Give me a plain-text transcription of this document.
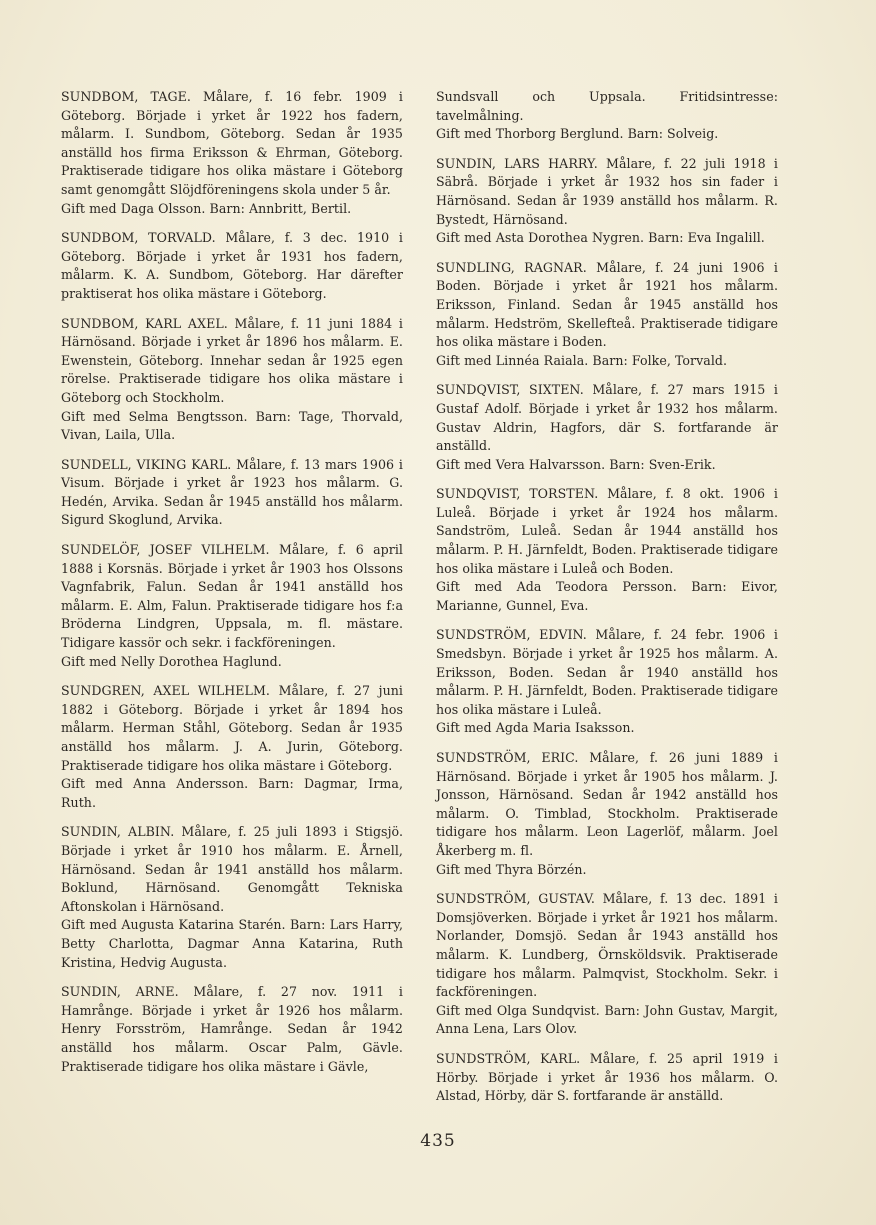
SUNDBOM, TAGE. Målare, f. 16 febr. 1909 i Göteborg. Började i yrket år 1922 hos fadern, målarm. I. Sundbom, Göteborg. Sedan år 1935 anställd hos firma Eriksson & Ehrman, Göteborg. Praktiserade tidigare hos olika mästare i Göteborg samt genomgått Slöjdföreningens skola under 5 år.

Gift med Daga Olsson. Barn: Annbritt, Bertil.

SUNDBOM, TORVALD. Målare, f. 3 dec. 1910 i Göteborg. Började i yrket år 1931 hos fadern, målarm. K. A. Sundbom, Göteborg. Har därefter praktiserat hos olika mästare i Göteborg.

SUNDBOM, KARL AXEL. Målare, f. 11 juni 1884 i Härnösand. Började i yrket år 1896 hos målarm. E. Ewenstein, Göteborg. Innehar sedan år 1925 egen rörelse. Praktiserade tidigare hos olika mästare i Göteborg och Stockholm.

Gift med Selma Bengtsson. Barn: Tage, Thorvald, Vivan, Laila, Ulla.

SUNDELL, VIKING KARL. Målare, f. 13 mars 1906 i Visum. Började i yrket år 1923 hos målarm. G. Hedén, Arvika. Sedan år 1945 anställd hos målarm. Sigurd Skoglund, Arvika.

SUNDELÖF, JOSEF VILHELM. Målare, f. 6 april 1888 i Korsnäs. Började i yrket år 1903 hos Olssons Vagnfabrik, Falun. Sedan år 1941 anställd hos målarm. E. Alm, Falun. Praktiserade tidigare hos f:a Bröderna Lindgren, Uppsala, m. fl. mästare. Tidigare kassör och sekr. i fackföreningen.

Gift med Nelly Dorothea Haglund.

SUNDGREN, AXEL WILHELM. Målare, f. 27 juni 1882 i Göteborg. Började i yrket år 1894 hos målarm. Herman Ståhl, Göteborg. Sedan år 1935 anställd hos målarm. J. A. Jurin, Göteborg. Praktiserade tidigare hos olika mästare i Göteborg.

Gift med Anna Andersson. Barn: Dagmar, Irma, Ruth.

SUNDIN, ALBIN. Målare, f. 25 juli 1893 i Stigsjö. Började i yrket år 1910 hos målarm. E. Årnell, Härnösand. Sedan år 1941 anställd hos målarm. Boklund, Härnösand. Genomgått Tekniska Aftonskolan i Härnösand.

Gift med Augusta Katarina Starén. Barn: Lars Harry, Betty Charlotta, Dagmar Anna Katarina, Ruth Kristina, Hedvig Augusta.

SUNDIN, ARNE. Målare, f. 27 nov. 1911 i Hamrånge. Började i yrket år 1926 hos målarm. Henry Forsström, Hamrånge. Sedan år 1942 anställd hos målarm. Oscar Palm, Gävle. Praktiserade tidigare hos olika mästare i Gävle,

Sundsvall och Uppsala. Fritidsintresse: tavelmålning.

Gift med Thorborg Berglund. Barn: Solveig.

SUNDIN, LARS HARRY. Målare, f. 22 juli 1918 i Säbrå. Började i yrket år 1932 hos sin fader i Härnösand. Sedan år 1939 anställd hos målarm. R. Bystedt, Härnösand.

Gift med Asta Dorothea Nygren. Barn: Eva Ingalill.

SUNDLING, RAGNAR. Målare, f. 24 juni 1906 i Boden. Började i yrket år 1921 hos målarm. Eriksson, Finland. Sedan år 1945 anställd hos målarm. Hedström, Skellefteå. Praktiserade tidigare hos olika mästare i Boden.

Gift med Linnéa Raiala. Barn: Folke, Torvald.

SUNDQVIST, SIXTEN. Målare, f. 27 mars 1915 i Gustaf Adolf. Började i yrket år 1932 hos målarm. Gustav Aldrin, Hagfors, där S. fortfarande är anställd.

Gift med Vera Halvarsson. Barn: Sven-Erik.

SUNDQVIST, TORSTEN. Målare, f. 8 okt. 1906 i Luleå. Började i yrket år 1924 hos målarm. Sandström, Luleå. Sedan år 1944 anställd hos målarm. P. H. Järnfeldt, Boden. Praktiserade tidigare hos olika mästare i Luleå och Boden.

Gift med Ada Teodora Persson. Barn: Eivor, Marianne, Gunnel, Eva.

SUNDSTRÖM, EDVIN. Målare, f. 24 febr. 1906 i Smedsbyn. Började i yrket år 1925 hos målarm. A. Eriksson, Boden. Sedan år 1940 anställd hos målarm. P. H. Järnfeldt, Boden. Praktiserade tidigare hos olika mästare i Luleå.

Gift med Agda Maria Isaksson.

SUNDSTRÖM, ERIC. Målare, f. 26 juni 1889 i Härnösand. Började i yrket år 1905 hos målarm. J. Jonsson, Härnösand. Sedan år 1942 anställd hos målarm. O. Timblad, Stockholm. Praktiserade tidigare hos målarm. Leon Lagerlöf, målarm. Joel Åkerberg m. fl.

Gift med Thyra Börzén.

SUNDSTRÖM, GUSTAV. Målare, f. 13 dec. 1891 i Domsjöverken. Började i yrket år 1921 hos målarm. Norlander, Domsjö. Sedan år 1943 anställd hos målarm. K. Lundberg, Örnsköldsvik. Praktiserade tidigare hos målarm. Palmqvist, Stockholm. Sekr. i fackföreningen.

Gift med Olga Sundqvist. Barn: John Gustav, Margit, Anna Lena, Lars Olov.

SUNDSTRÖM, KARL. Målare, f. 25 april 1919 i Hörby. Började i yrket år 1936 hos målarm. O. Alstad, Hörby, där S. fortfarande är anställd.

435
